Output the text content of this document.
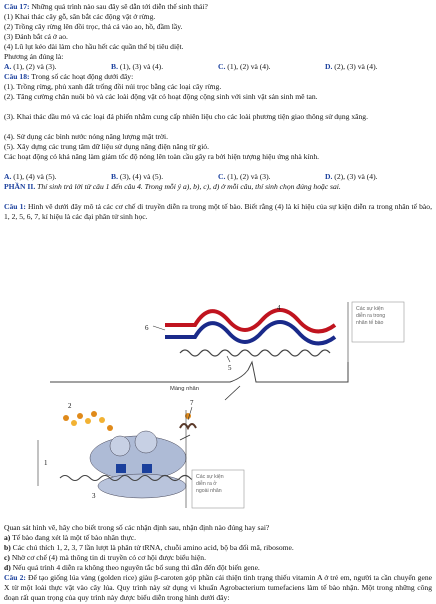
Câu 17: Những quá trình nào sau đây sẽ dẫn tới diễn thế sinh thái?
(1) Khai thác cây gỗ, săn bắt các động vật ở rừng.
(2) Trồng cây rừng lên đồi trọc, thả cá vào ao, hồ, đầm lầy.
(3) Đánh bắt cá ở ao.
(4) Lũ lụt kéo dài làm cho hầu hết các quần thể bị tiêu diệt.
Phương án đúng là:
A. (1), (2) và (3).	B. (1), (3) và (4).	C. (1), (2) và (4).	D. (2), (3) và (4).
Câu 18: Trong số các hoạt động dưới đây:
(1). Trồng rừng, phủ xanh đất trống đồi núi trọc bằng các loại cây rừng.
(2). Tăng cường chăn nuôi bò và các loài động vật có hoạt động cộng sinh với sinh vật sản sinh mê tan.
(3). Khai thác dầu mỏ và các loại đá phiến nhằm cung cấp nhiên liệu cho các loài phương tiện giao thông sử dụng xăng.
(4). Sử dụng các bình nước nóng năng lượng mặt trời.
(5). Xây dựng các trung tâm dữ liệu sử dụng năng điện năng từ gió.
Các hoạt động có khả năng làm giảm tốc độ nóng lên toàn cầu gây ra bởi hiện tượng hiệu ứng nhà kính.
A. (1), (4) và (5).	B. (3), (4) và (5).	C. (1), (2) và (3).	D. (2), (3) và (4).
PHẦN II. Thí sinh trả lời từ câu 1 đến câu 4. Trong mỗi ý a), b), c), d) ở mỗi câu, thí sinh chọn đúng hoặc sai.
Câu 1: Hình vẽ dưới đây mô tả các cơ chế di truyền diễn ra trong một tế bào. Biết rằng (4) là kí hiệu của sự kiện diễn ra trong nhân tế bào, 1, 2, 5, 6, 7, kí hiệu là các đại phân tử sinh học.
Các sự kiện
diễn ra trong
nhân tế bào
6
4
5
Màng nhân
1
2
3
7
Các sự kiện
diễn ra ở
ngoài nhân
Quan sát hình vẽ, hãy cho biết trong số các nhận định sau, nhận định nào đúng hay sai?
a) Tế bào đang xét là một tế bào nhân thực.
b) Các chú thích 1, 2, 3, 7 lần lượt là phân tử tRNA, chuỗi amino acid, bộ ba đối mã, ribosome.
c) Nhờ cơ chế (4) mà thông tin di truyền có cơ hội được biểu hiện.
d) Nếu quá trình 4 diễn ra không theo nguyên tắc bổ sung thì dẫn đến đột biến gene.
Câu 2: Để tạo giống lúa vàng (golden rice) giàu β-caroten góp phần cải thiện tình trạng thiếu vitamin A ở trẻ em, người ta cần chuyển gene X từ một loài thực vật vào cây lúa. Quy trình này sử dụng vi khuẩn Agrobacterium tumefaciens làm tế bào nhận. Một trong những công đoạn rất quan trọng của quy trình này được biểu diễn trong hình dưới đây:
